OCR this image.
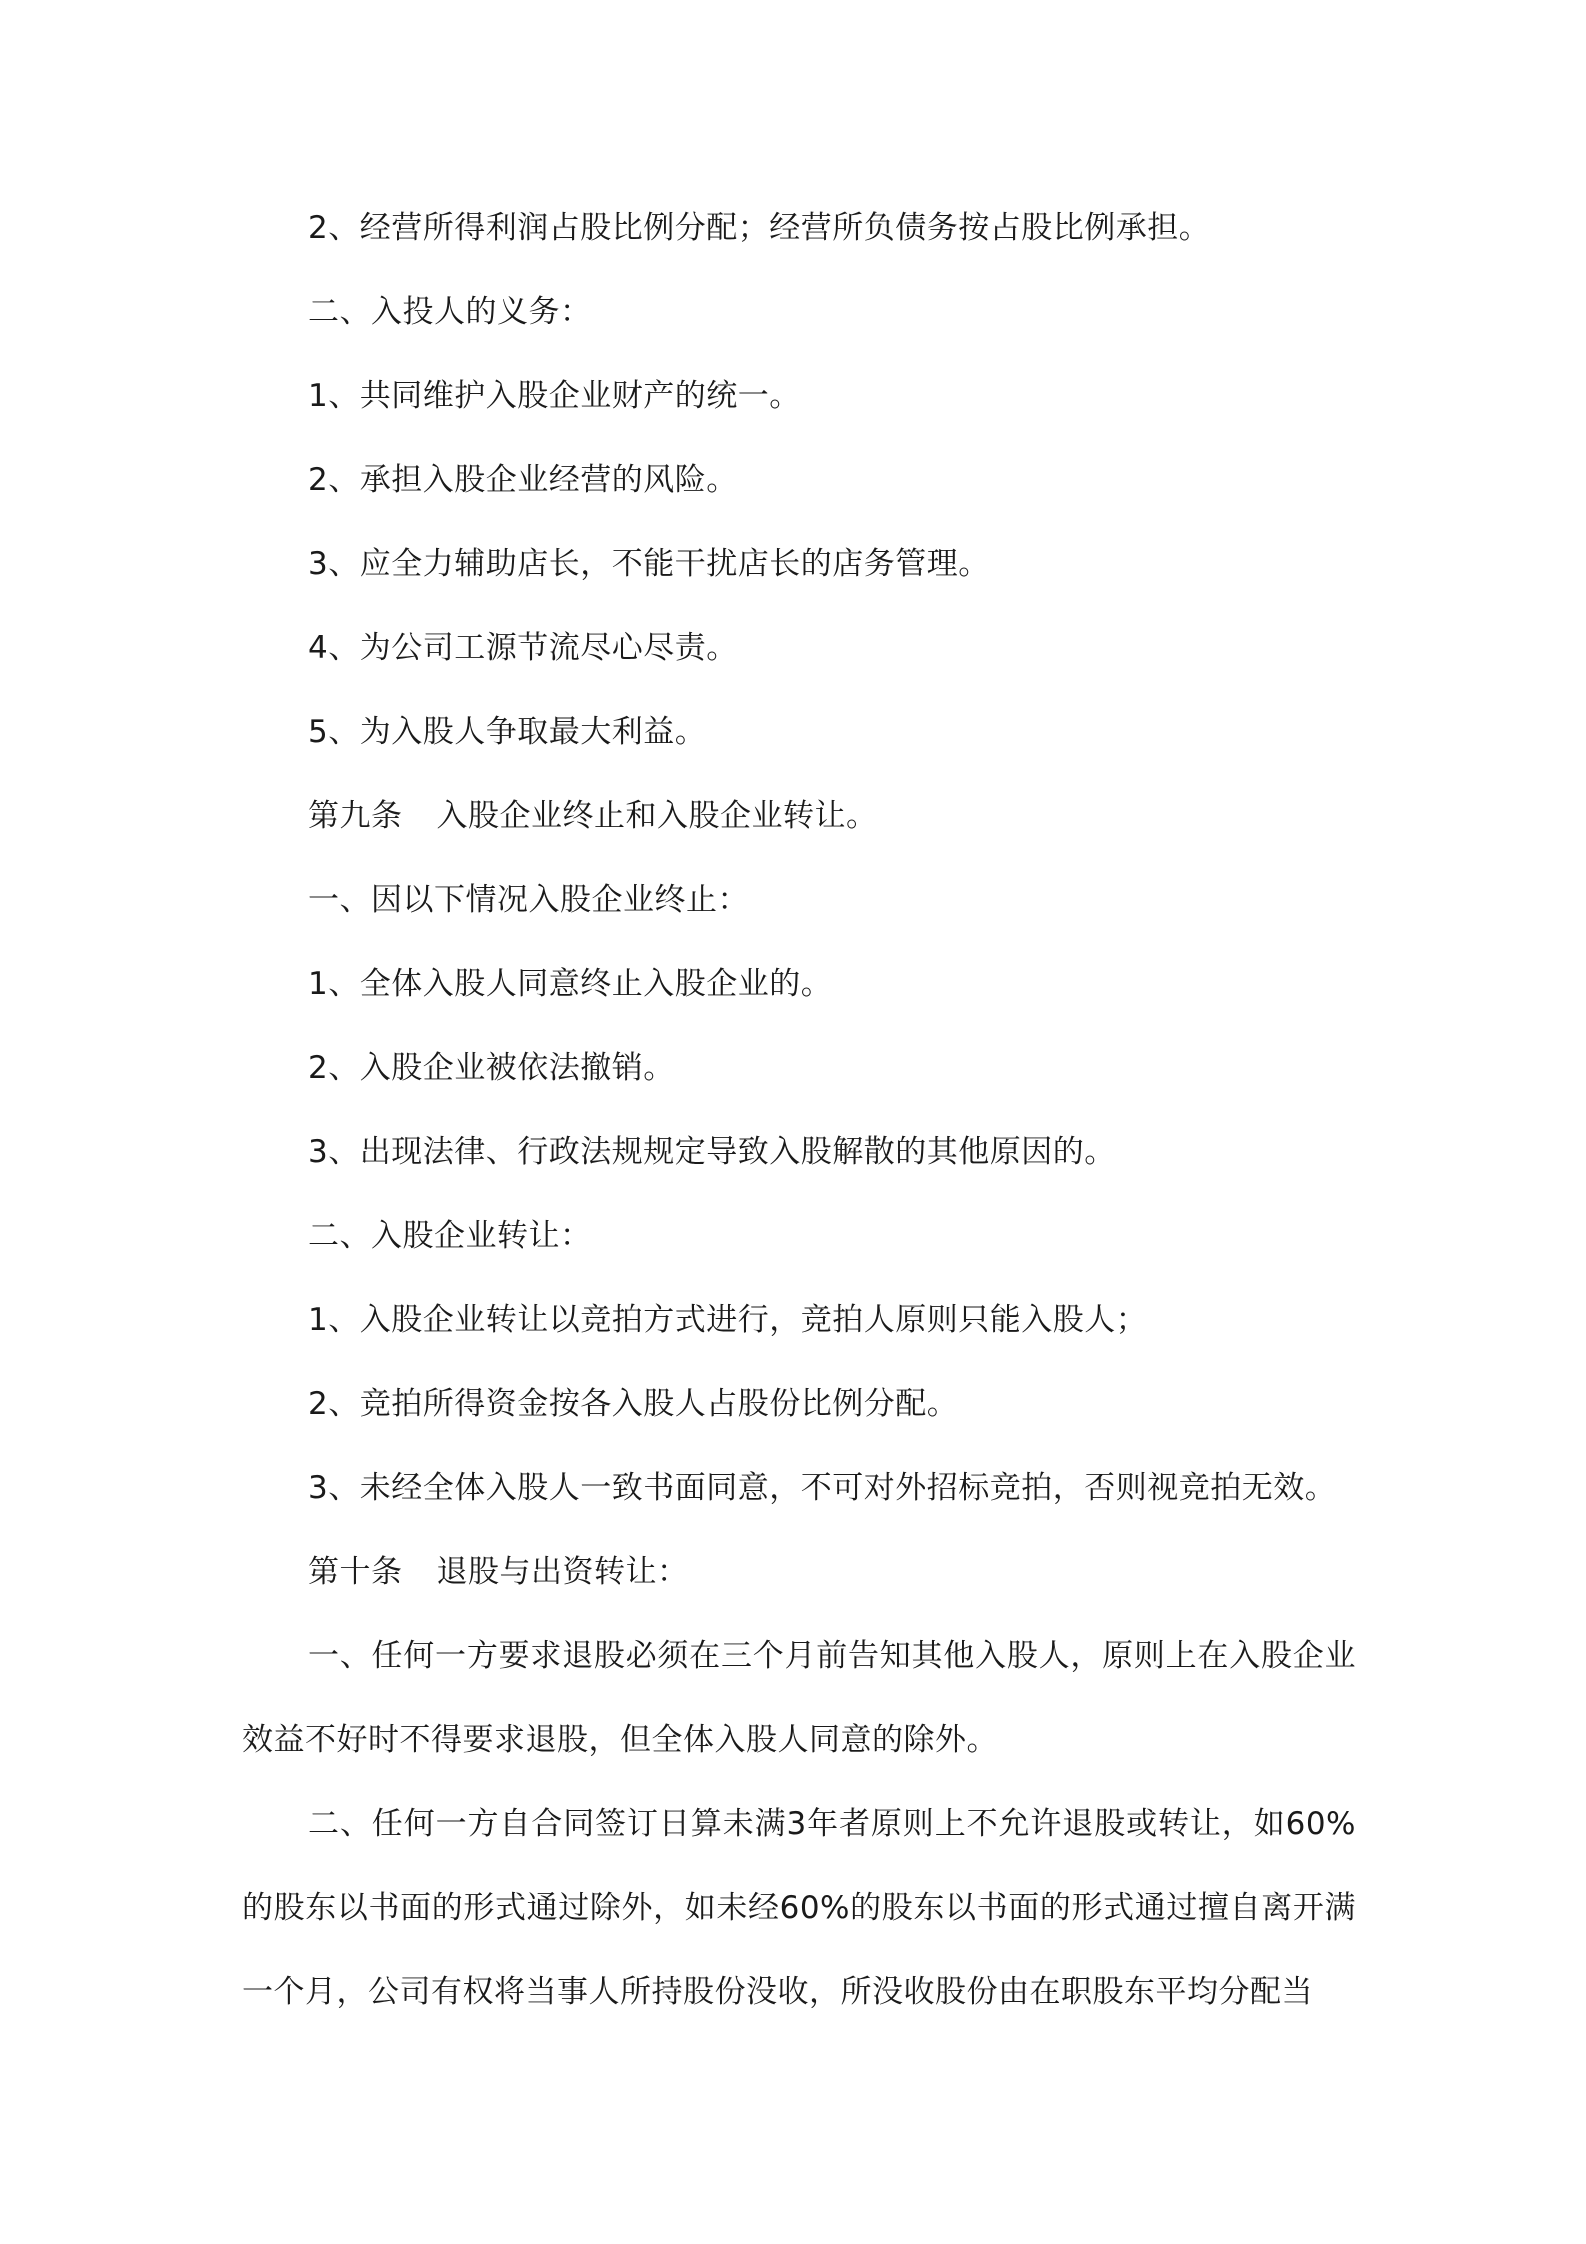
2、经营所得利润占股比例分配；经营所负债务按占股比例承担。
二、入投人的义务：
1、共同维护入股企业财产的统一。
2、承担入股企业经营的风险。
3、应全力辅助店长，不能干扰店长的店务管理。
4、为公司工源节流尽心尽责。
5、为入股人争取最大利益。
第九条 入股企业终止和入股企业转让。
一、因以下情况入股企业终止：
1、全体入股人同意终止入股企业的。
2、入股企业被依法撤销。
3、出现法律、行政法规规定导致入股解散的其他原因的。
二、入股企业转让：
1、入股企业转让以竞拍方式进行，竞拍人原则只能入股人；
2、竞拍所得资金按各入股人占股份比例分配。
3、未经全体入股人一致书面同意，不可对外招标竞拍，否则视竞拍无效。
第十条 退股与出资转让：
一、任何一方要求退股必须在三个月前告知其他入股人，原则上在入股企业效益不好时不得要求退股，但全体入股人同意的除外。
二、任何一方自合同签订日算未满3年者原则上不允许退股或转让，如60%的股东以书面的形式通过除外，如未经60%的股东以书面的形式通过擅自离开满一个月，公司有权将当事人所持股份没收，所没收股份由在职股东平均分配当
